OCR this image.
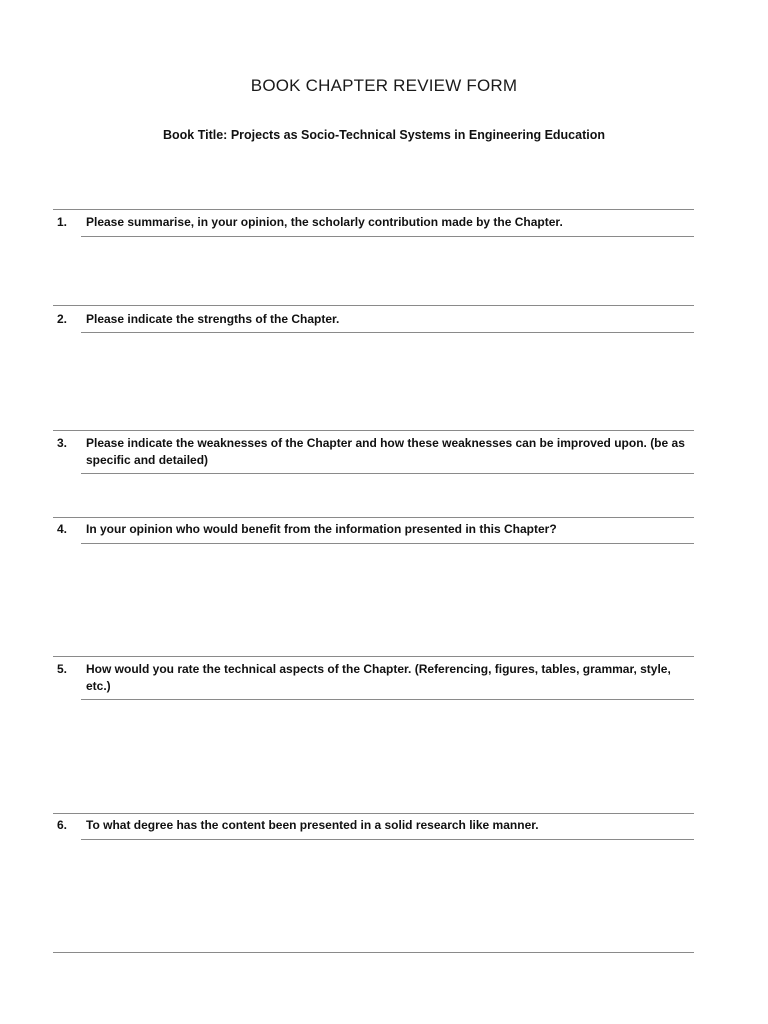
BOOK CHAPTER REVIEW FORM
Book Title: Projects as Socio-Technical Systems in Engineering Education
1. Please summarise, in your opinion, the scholarly contribution made by the Chapter.
2. Please indicate the strengths of the Chapter.
3. Please indicate the weaknesses of the Chapter and how these weaknesses can be improved upon. (be as specific and detailed)
4. In your opinion who would benefit from the information presented in this Chapter?
5. How would you rate the technical aspects of the Chapter. (Referencing, figures, tables, grammar, style, etc.)
6. To what degree has the content been presented in a solid research like manner.
